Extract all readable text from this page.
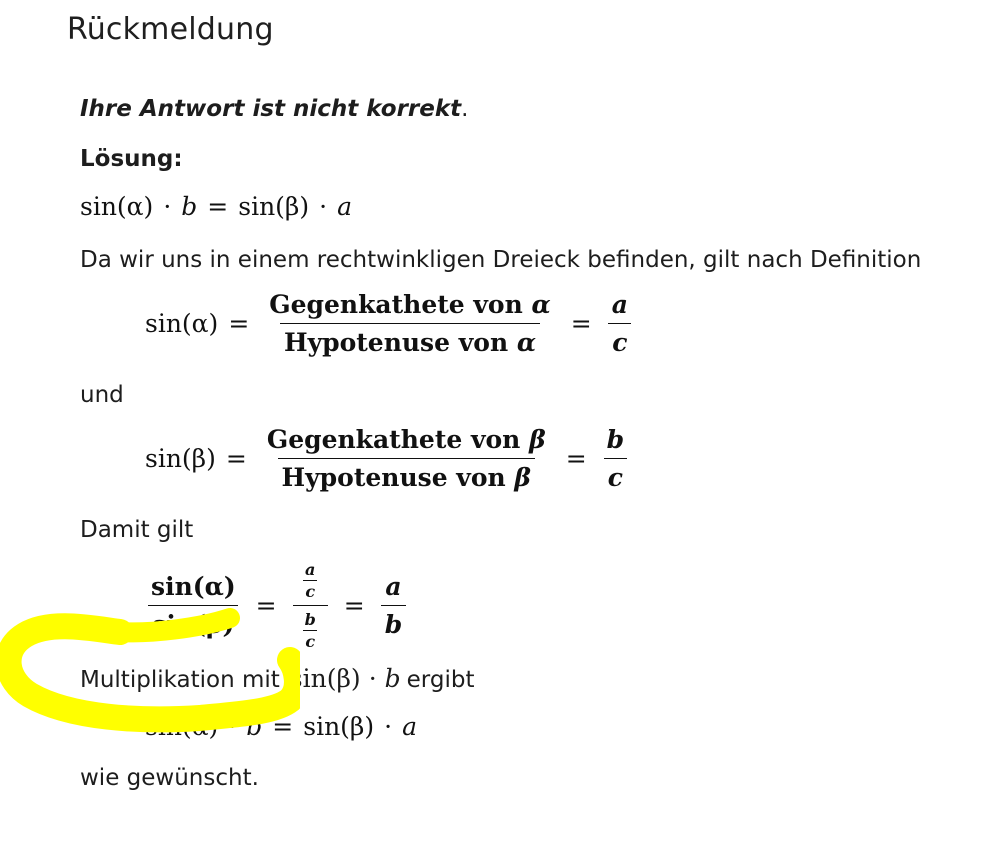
Rückmeldung
Ihre Antwort ist nicht korrekt.
Lösung:
sin(α) · b = sin(β) · a
Da wir uns in einem rechtwinkligen Dreieck befinden, gilt nach Definition
$\sin(\alpha) = \frac{\text{Gegenkathete von α}}{\text{Hypotenuse von α}} = \frac{a}{c}$
und
$\sin(\beta) = \frac{\text{Gegenkathete von β}}{\text{Hypotenuse von β}} = \frac{b}{c}$
Damit gilt
$\frac{\sin(\alpha)}{\sin(\beta)} = \frac{\frac{a}{c}}{\frac{b}{c}} = \frac{a}{b}$
Multiplikation mit sin(β) · b ergibt
sin(α) · b = sin(β) · a
wie gewünscht.
